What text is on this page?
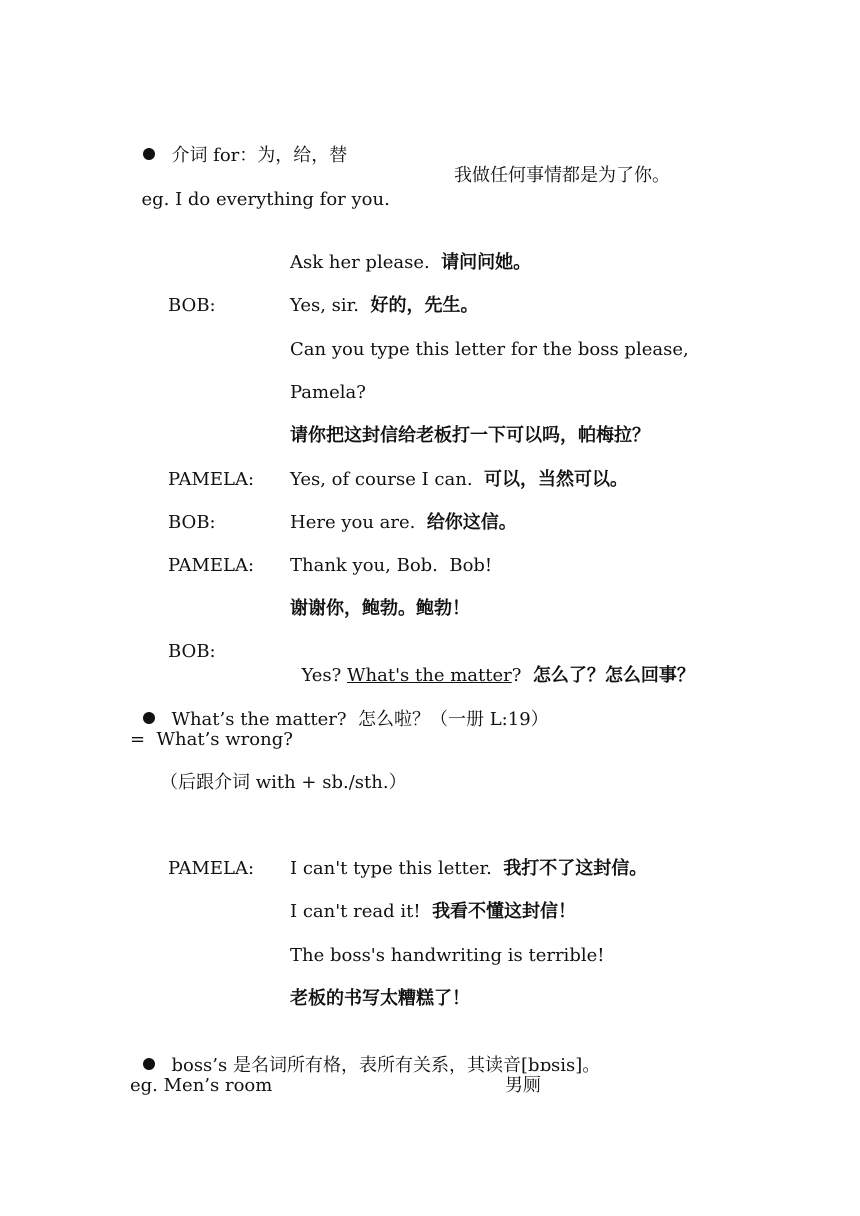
介词 for：为，给，替

eg. I do everything for you.

我做任何事情都是为了你。
Ask her please. 请问问她。
BOB:	Yes, sir. 好的，先生。
Can you type this letter for the boss please,
Pamela?
请你把这封信给老板打一下可以吗，帕梅拉？
PAMELA: Yes, of course I can. 可以，当然可以。
BOB:	Here you are. 给你这信。
PAMELA: Thank you, Bob.  Bob!
谢谢你，鲍勃。鲍勃！
BOB:

Yes? What's the matter? 怎么了？怎么回事？

What’s the matter?  怎么啦？（一册 L:19）

=  What’s wrong?
（后跟介词 with + sb./sth.）
PAMELA: I can't type this letter. 我打不了这封信。
I can't read it! 我看不懂这封信！
The boss's handwriting is terrible!
老板的书写太糟糕了！

boss’s 是名词所有格，表所有关系，其读音[bɒsis]。

eg. Men’s room	男厕
